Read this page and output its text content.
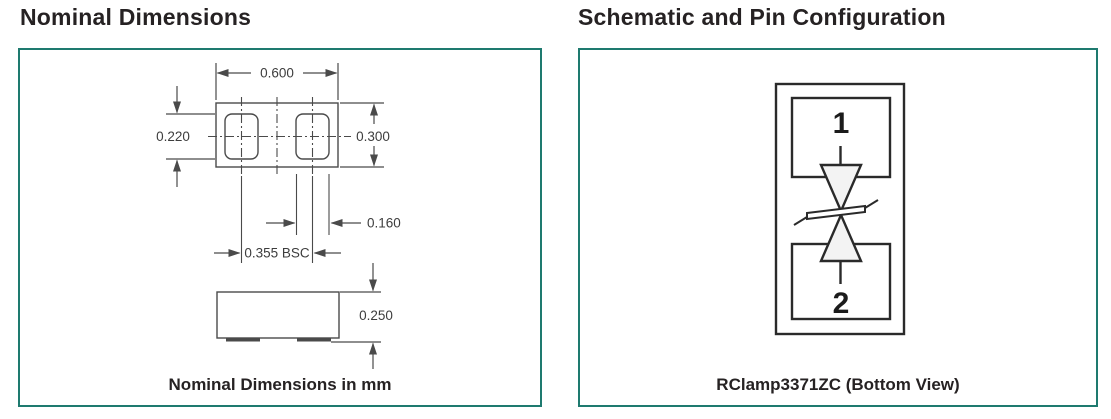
Nominal Dimensions	Schematic and Pin Configuration
0.600
0.220	0.300
0.160
0.355 BSC
0.250
Nominal Dimensions in mm
1
2
RClamp3371ZC (Bottom View)
